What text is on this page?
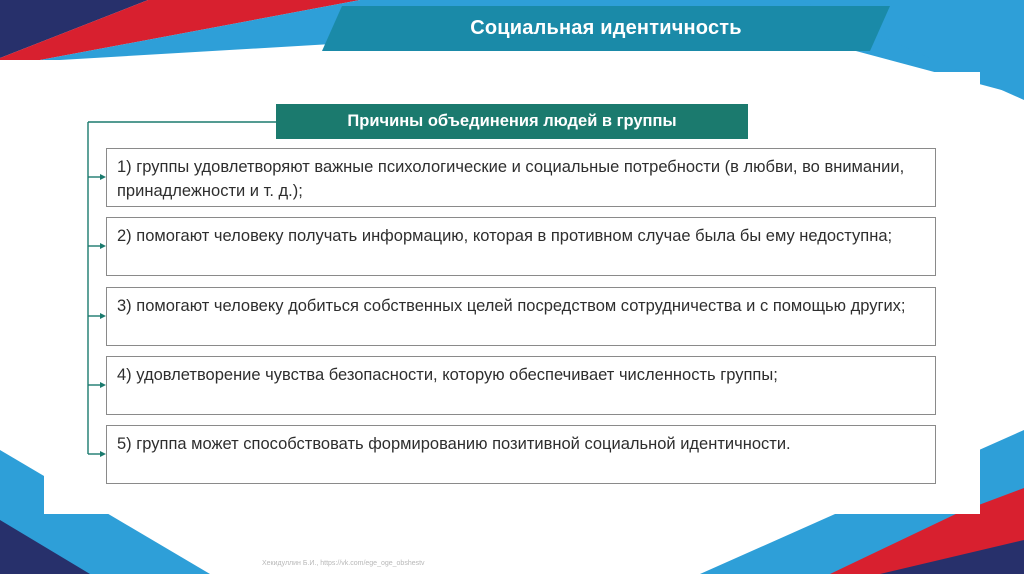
Социальная идентичность
Причины объединения людей в группы
1) группы удовлетворяют важные психологические и социальные потребности (в любви, во внимании, принадлежности и т. д.);
2) помогают человеку получать информацию, которая в противном случае была бы ему недоступна;
3) помогают человеку добиться собственных целей посредством сотрудничества и с помощью других;
4) удовлетворение чувства безопасности, которую обеспечивает численность группы;
5) группа может способствовать формированию позитивной социальной идентичности.
Хекидуллин Б.И., https://vk.com/ege_oge_obshestv
